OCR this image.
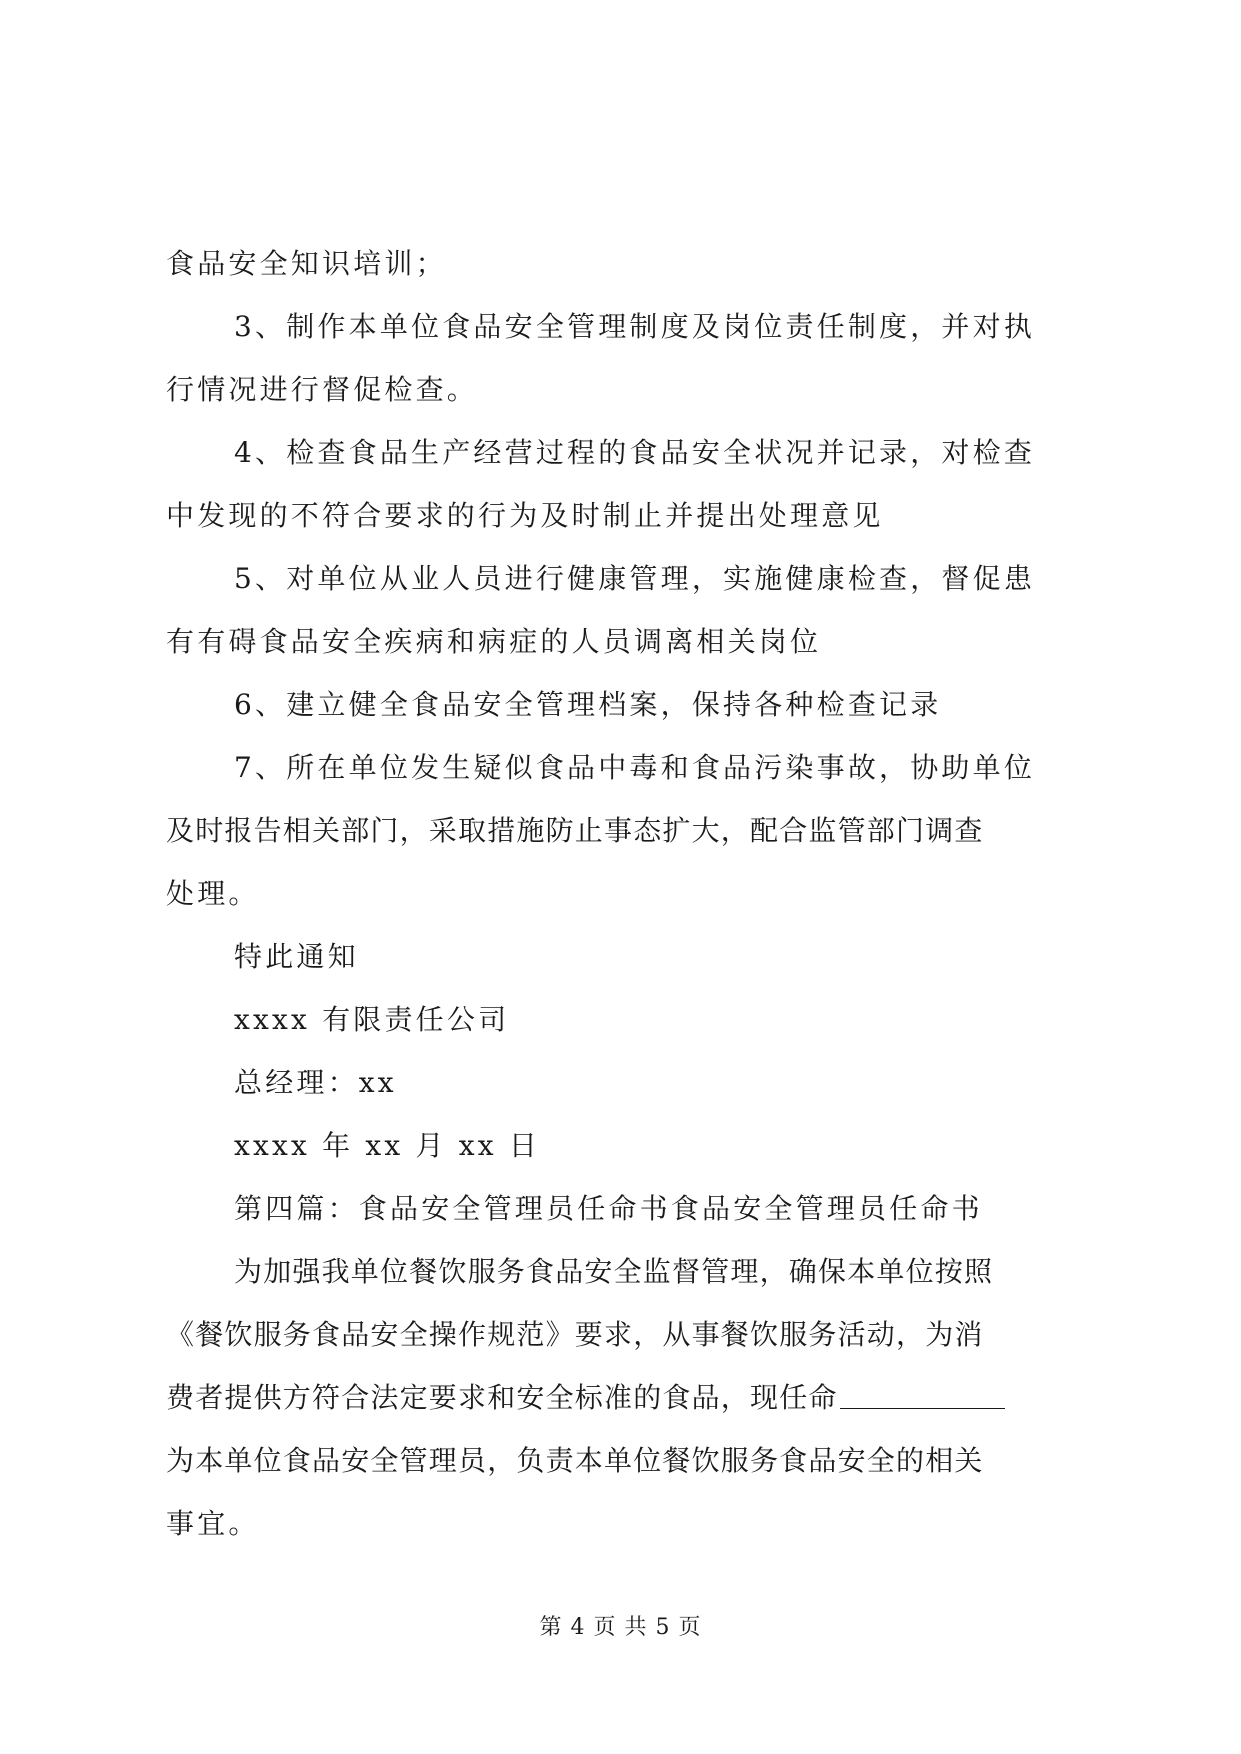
食品安全知识培训；
3、制作本单位食品安全管理制度及岗位责任制度，并对执
行情况进行督促检查。
4、检查食品生产经营过程的食品安全状况并记录，对检查
中发现的不符合要求的行为及时制止并提出处理意见
5、对单位从业人员进行健康管理，实施健康检查，督促患
有有碍食品安全疾病和病症的人员调离相关岗位
6、建立健全食品安全管理档案，保持各种检查记录
7、所在单位发生疑似食品中毒和食品污染事故，协助单位
及时报告相关部门，采取措施防止事态扩大，配合监管部门调查
处理。
特此通知
xxxx 有限责任公司
总经理：xx
xxxx 年 xx 月 xx 日
第四篇：食品安全管理员任命书食品安全管理员任命书
为加强我单位餐饮服务食品安全监督管理，确保本单位按照
《餐饮服务食品安全操作规范》要求，从事餐饮服务活动，为消
费者提供方符合法定要求和安全标准的食品，现任命
为本单位食品安全管理员，负责本单位餐饮服务食品安全的相关
事宜。
第 4 页 共 5 页
